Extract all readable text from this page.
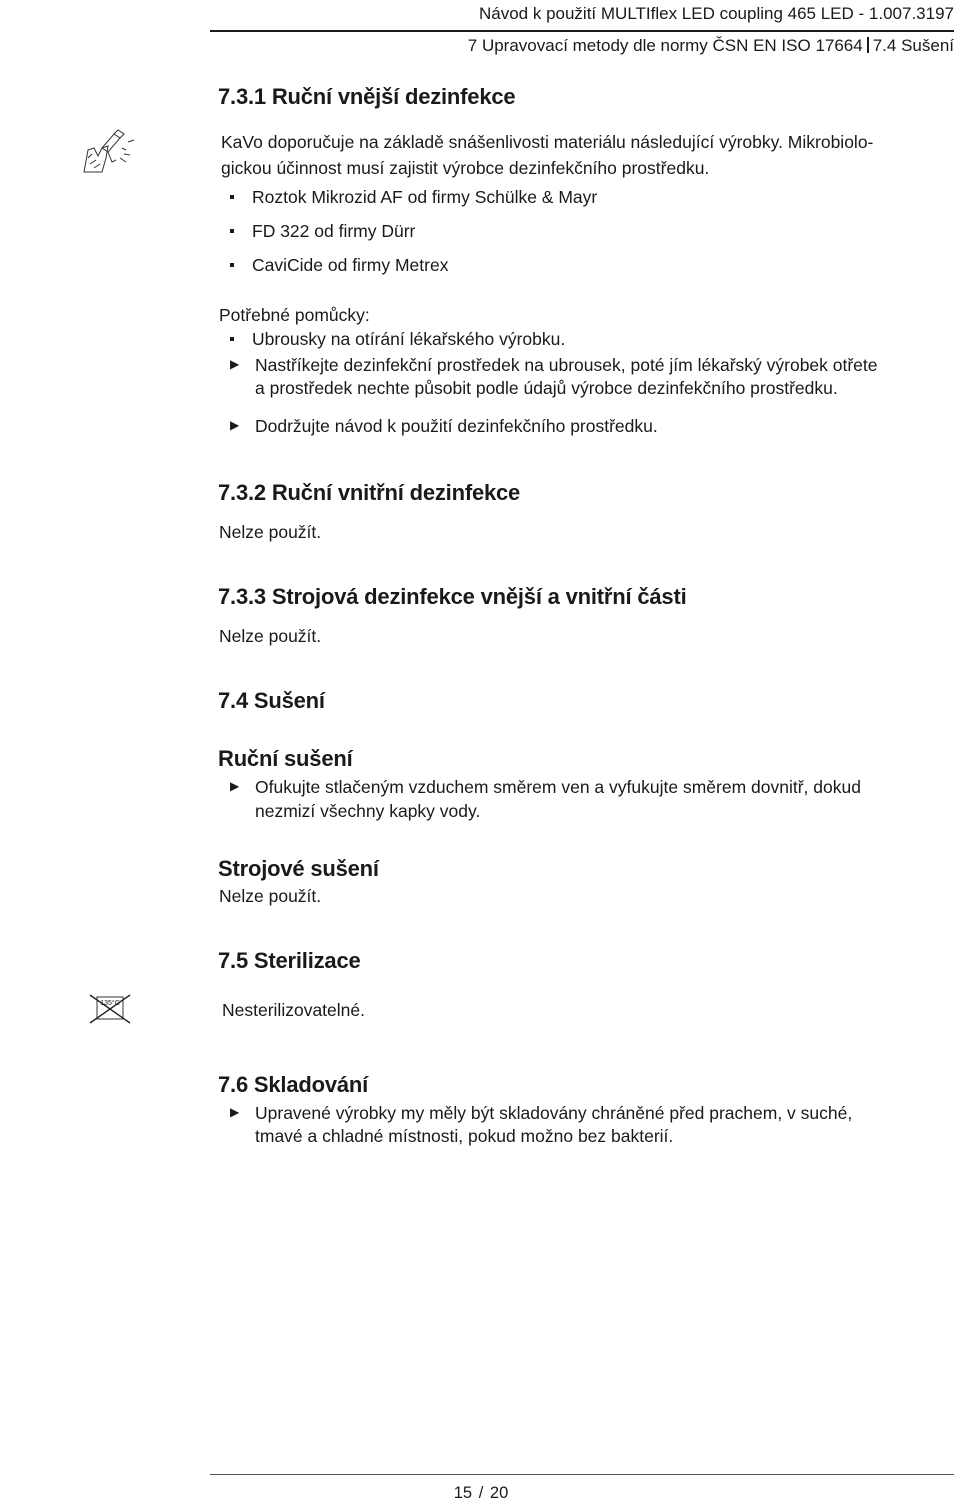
Návod k použití MULTIflex LED coupling 465 LED - 1.007.3197
7 Upravovací metody dle normy ČSN EN ISO 17664 7.4 Sušení
7.3.1 Ruční vnější dezinfekce
KaVo doporučuje na základě snášenlivosti materiálu následující výrobky. Mikrobiolo-
gickou účinnost musí zajistit výrobce dezinfekčního prostředku.
Roztok Mikrozid AF od firmy Schülke & Mayr
FD 322 od firmy Dürr
CaviCide od firmy Metrex
Potřebné pomůcky:
Ubrousky na otírání lékařského výrobku.
▶ Nastříkejte dezinfekční prostředek na ubrousek, poté jím lékařský výrobek otřete
a prostředek nechte působit podle údajů výrobce dezinfekčního prostředku.
▶ Dodržujte návod k použití dezinfekčního prostředku.
7.3.2 Ruční vnitřní dezinfekce
Nelze použít.
7.3.3 Strojová dezinfekce vnější a vnitřní části
Nelze použít.
7.4 Sušení
Ruční sušení
▶ Ofukujte stlačeným vzduchem směrem ven a vyfukujte směrem dovnitř, dokud
nezmizí všechny kapky vody.
Strojové sušení
Nelze použít.
7.5 Sterilizace
135°C	Nesterilizovatelné.
7.6 Skladování
▶ Upravené výrobky my měly být skladovány chráněné před prachem, v suché,
tmavé a chladné místnosti, pokud možno bez bakterií.
15 / 20
